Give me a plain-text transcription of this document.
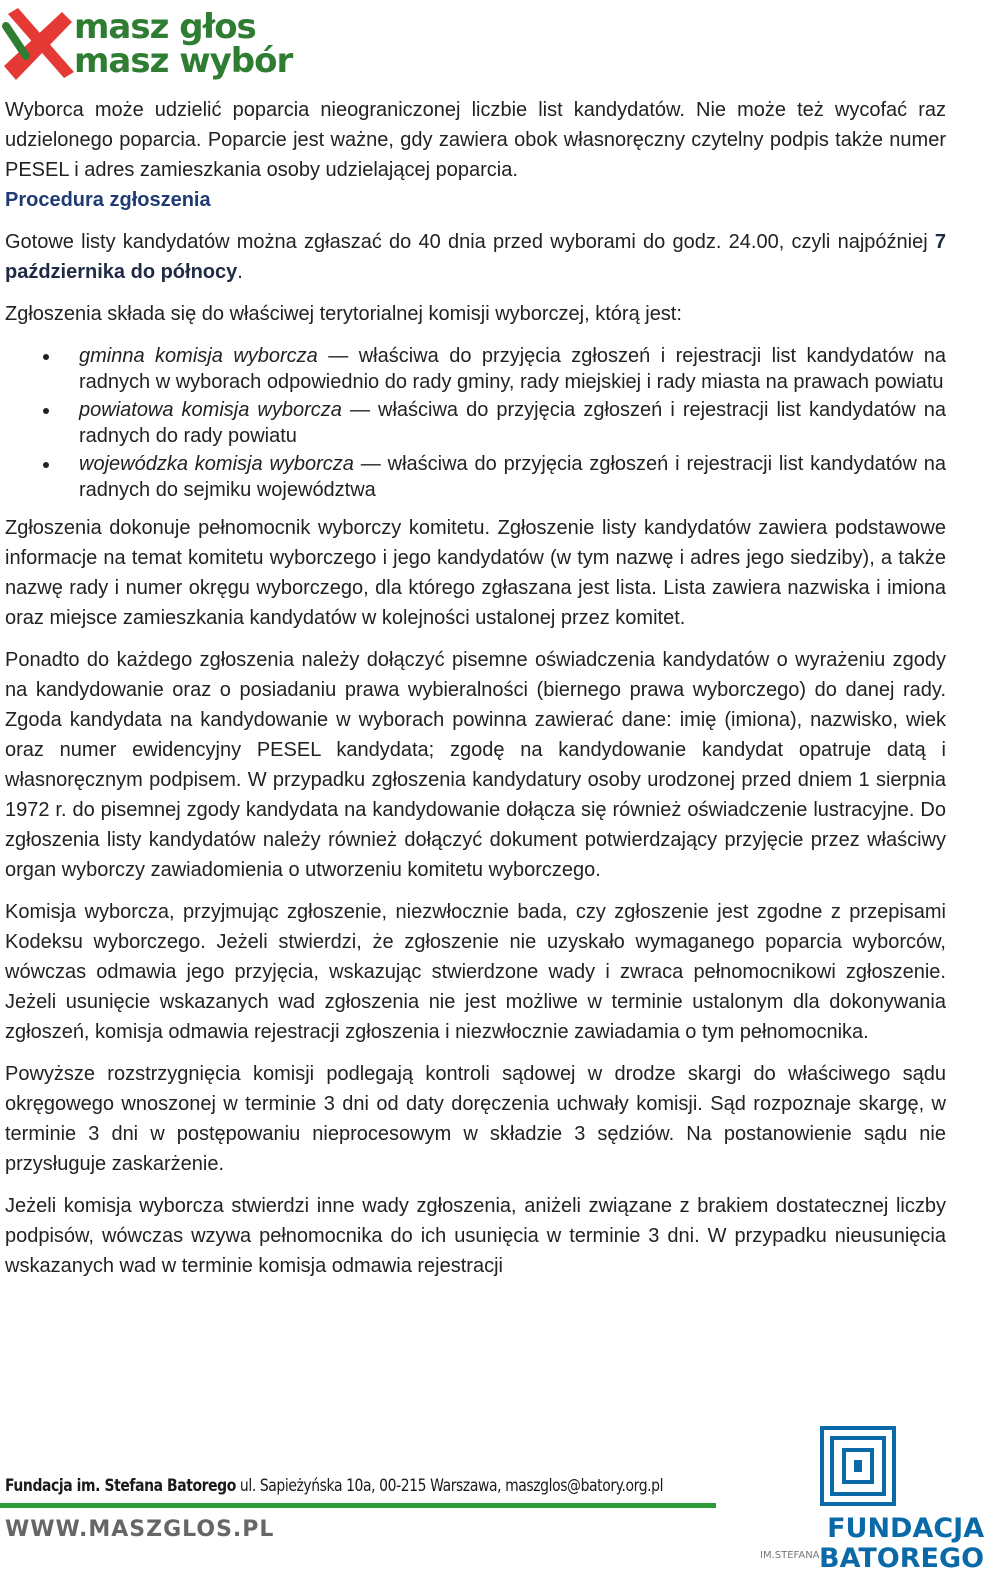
masz głos
masz wybór

Wyborca może udzielić poparcia nieograniczonej liczbie list kandydatów. Nie może też wycofać raz udzielonego poparcia. Poparcie jest ważne, gdy zawiera obok własnoręczny czytelny podpis także numer PESEL i adres zamieszkania osoby udzielającej poparcia.

Procedura zgłoszenia

Gotowe listy kandydatów można zgłaszać do 40 dnia przed wyborami do godz. 24.00, czyli najpóźniej 7 października do północy.

Zgłoszenia składa się do właściwej terytorialnej komisji wyborczej, którą jest:

gminna komisja wyborcza — właściwa do przyjęcia zgłoszeń i rejestracji list kandydatów na radnych w wyborach odpowiednio do rady gminy, rady miejskiej i rady miasta na prawach powiatu
powiatowa komisja wyborcza — właściwa do przyjęcia zgłoszeń i rejestracji list kandydatów na radnych do rady powiatu
wojewódzka komisja wyborcza — właściwa do przyjęcia zgłoszeń i rejestracji list kandydatów na radnych do sejmiku województwa

Zgłoszenia dokonuje pełnomocnik wyborczy komitetu. Zgłoszenie listy kandydatów zawiera podstawowe informacje na temat komitetu wyborczego i jego kandydatów (w tym nazwę i adres jego siedziby), a także nazwę rady i numer okręgu wyborczego, dla którego zgłaszana jest lista. Lista zawiera nazwiska i imiona oraz miejsce zamieszkania kandydatów w kolejności ustalonej przez komitet.

Ponadto do każdego zgłoszenia należy dołączyć pisemne oświadczenia kandydatów o wyrażeniu zgody na kandydowanie oraz o posiadaniu prawa wybieralności (biernego prawa wyborczego) do danej rady. Zgoda kandydata na kandydowanie w wyborach powinna zawierać dane: imię (imiona), nazwisko, wiek oraz numer ewidencyjny PESEL kandydata; zgodę na kandydowanie kandydat opatruje datą i własnoręcznym podpisem. W przypadku zgłoszenia kandydatury osoby urodzonej przed dniem 1 sierpnia 1972 r. do pisemnej zgody kandydata na kandydowanie dołącza się również oświadczenie lustracyjne. Do zgłoszenia listy kandydatów należy również dołączyć dokument potwierdzający przyjęcie przez właściwy organ wyborczy zawiadomienia o utworzeniu komitetu wyborczego.

Komisja wyborcza, przyjmując zgłoszenie, niezwłocznie bada, czy zgłoszenie jest zgodne z przepisami Kodeksu wyborczego. Jeżeli stwierdzi, że zgłoszenie nie uzyskało wymaganego poparcia wyborców, wówczas odmawia jego przyjęcia, wskazując stwierdzone wady i zwraca pełnomocnikowi zgłoszenie. Jeżeli usunięcie wskazanych wad zgłoszenia nie jest możliwe w terminie ustalonym dla dokonywania zgłoszeń, komisja odmawia rejestracji zgłoszenia i niezwłocznie zawiadamia o tym pełnomocnika.

Powyższe rozstrzygnięcia komisji podlegają kontroli sądowej w drodze skargi do właściwego sądu okręgowego wnoszonej w terminie 3 dni od daty doręczenia uchwały komisji. Sąd rozpoznaje skargę, w terminie 3 dni w postępowaniu nieprocesowym w składzie 3 sędziów. Na postanowienie sądu nie przysługuje zaskarżenie.

Jeżeli komisja wyborcza stwierdzi inne wady zgłoszenia, aniżeli związane z brakiem dostatecznej liczby podpisów, wówczas wzywa pełnomocnika do ich usunięcia w terminie 3 dni. W przypadku nieusunięcia wskazanych wad w terminie komisja odmawia rejestracji

Fundacja im. Stefana Batorego ul. Sapieżyńska 10a, 00-215 Warszawa, maszglos@batory.org.pl
WWW.MASZGLOS.PL	FUNDACJA
BATOREGO
IM.STEFANA
